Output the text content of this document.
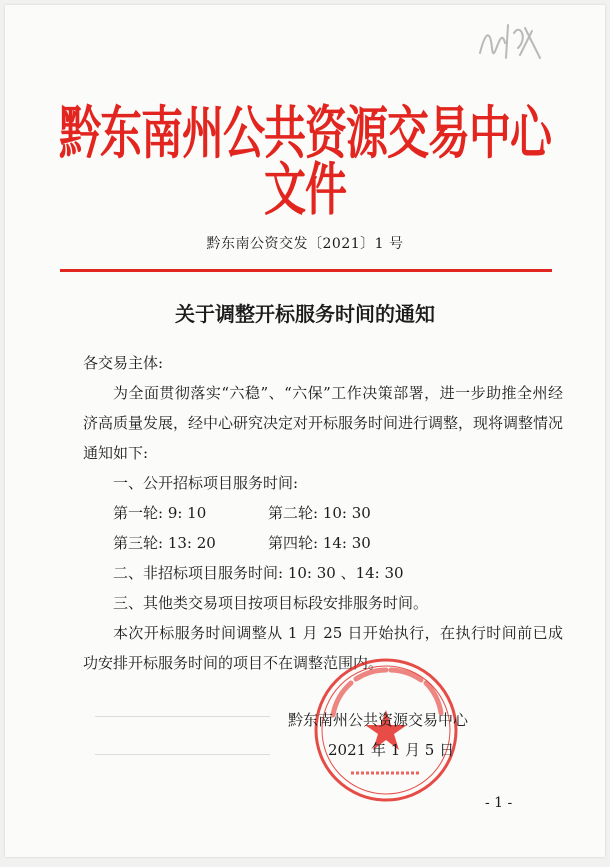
黔东南州公共资源交易中心文件
黔东南公资交发〔2021〕1 号
关于调整开标服务时间的通知

各交易主体:

为全面贯彻落实“六稳”、“六保”工作决策部署，进一步助推全州经济高质量发展，经中心研究决定对开标服务时间进行调整，现将调整情况通知如下:

一、公开招标项目服务时间:

第一轮: 9: 10	第二轮: 10: 30
第三轮: 13: 20	第四轮: 14: 30

二、非招标项目服务时间: 10: 30 、14: 30

三、其他类交易项目按项目标段安排服务时间。

本次开标服务时间调整从 1 月 25 日开始执行，在执行时间前已成功安排开标服务时间的项目不在调整范围内。

黔东南州公共资源交易中心
2021 年 1 月 5 日
- 1 -
